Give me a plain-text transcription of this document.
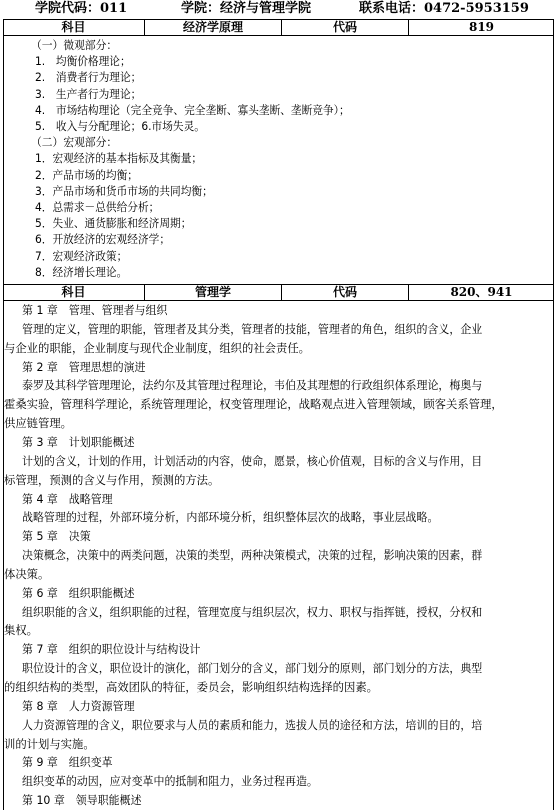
学院代码：011	学院：经济与管理学院	联系电话：0472-5953159
科目	经济学原理	代码	819
（一）微观部分：
1.　均衡价格理论；
2.　消费者行为理论；
3.　生产者行为理论；
4.　市场结构理论（完全竞争、完全垄断、寡头垄断、垄断竞争）；
5.　收入与分配理论；6.市场失灵。
（二）宏观部分：
1．宏观经济的基本指标及其衡量；
2．产品市场的均衡；
3．产品市场和货币市场的共同均衡；
4．总需求－总供给分析；
5．失业、通货膨胀和经济周期；
6．开放经济的宏观经济学；
7．宏观经济政策；
8．经济增长理论。
科目	管理学	代码	820、941
第 1 章　管理、管理者与组织
管理的定义，管理的职能，管理者及其分类，管理者的技能，管理者的角色，组织的含义，企业
与企业的职能，企业制度与现代企业制度，组织的社会责任。
第 2 章　管理思想的演进
泰罗及其科学管理理论，法约尔及其管理过程理论，韦伯及其理想的行政组织体系理论，梅奥与
霍桑实验，管理科学理论，系统管理理论，权变管理理论，战略观点进入管理领域，顾客关系管理，
供应链管理。
第 3 章　计划职能概述
计划的含义，计划的作用，计划活动的内容，使命，愿景，核心价值观，目标的含义与作用，目
标管理，预测的含义与作用，预测的方法。
第 4 章　战略管理
战略管理的过程，外部环境分析，内部环境分析，组织整体层次的战略，事业层战略。
第 5 章　决策
决策概念，决策中的两类问题，决策的类型，两种决策模式，决策的过程，影响决策的因素，群
体决策。
第 6 章　组织职能概述
组织职能的含义，组织职能的过程，管理宽度与组织层次，权力、职权与指挥链，授权，分权和
集权。
第 7 章　组织的职位设计与结构设计
职位设计的含义，职位设计的演化，部门划分的含义，部门划分的原则，部门划分的方法，典型
的组织结构的类型，高效团队的特征，委员会，影响组织结构选择的因素。
第 8 章　人力资源管理
人力资源管理的含义，职位要求与人员的素质和能力，选拔人员的途径和方法，培训的目的，培
训的计划与实施。
第 9 章　组织变革
组织变革的动因，应对变革中的抵制和阻力，业务过程再造。
第 10 章　领导职能概述
